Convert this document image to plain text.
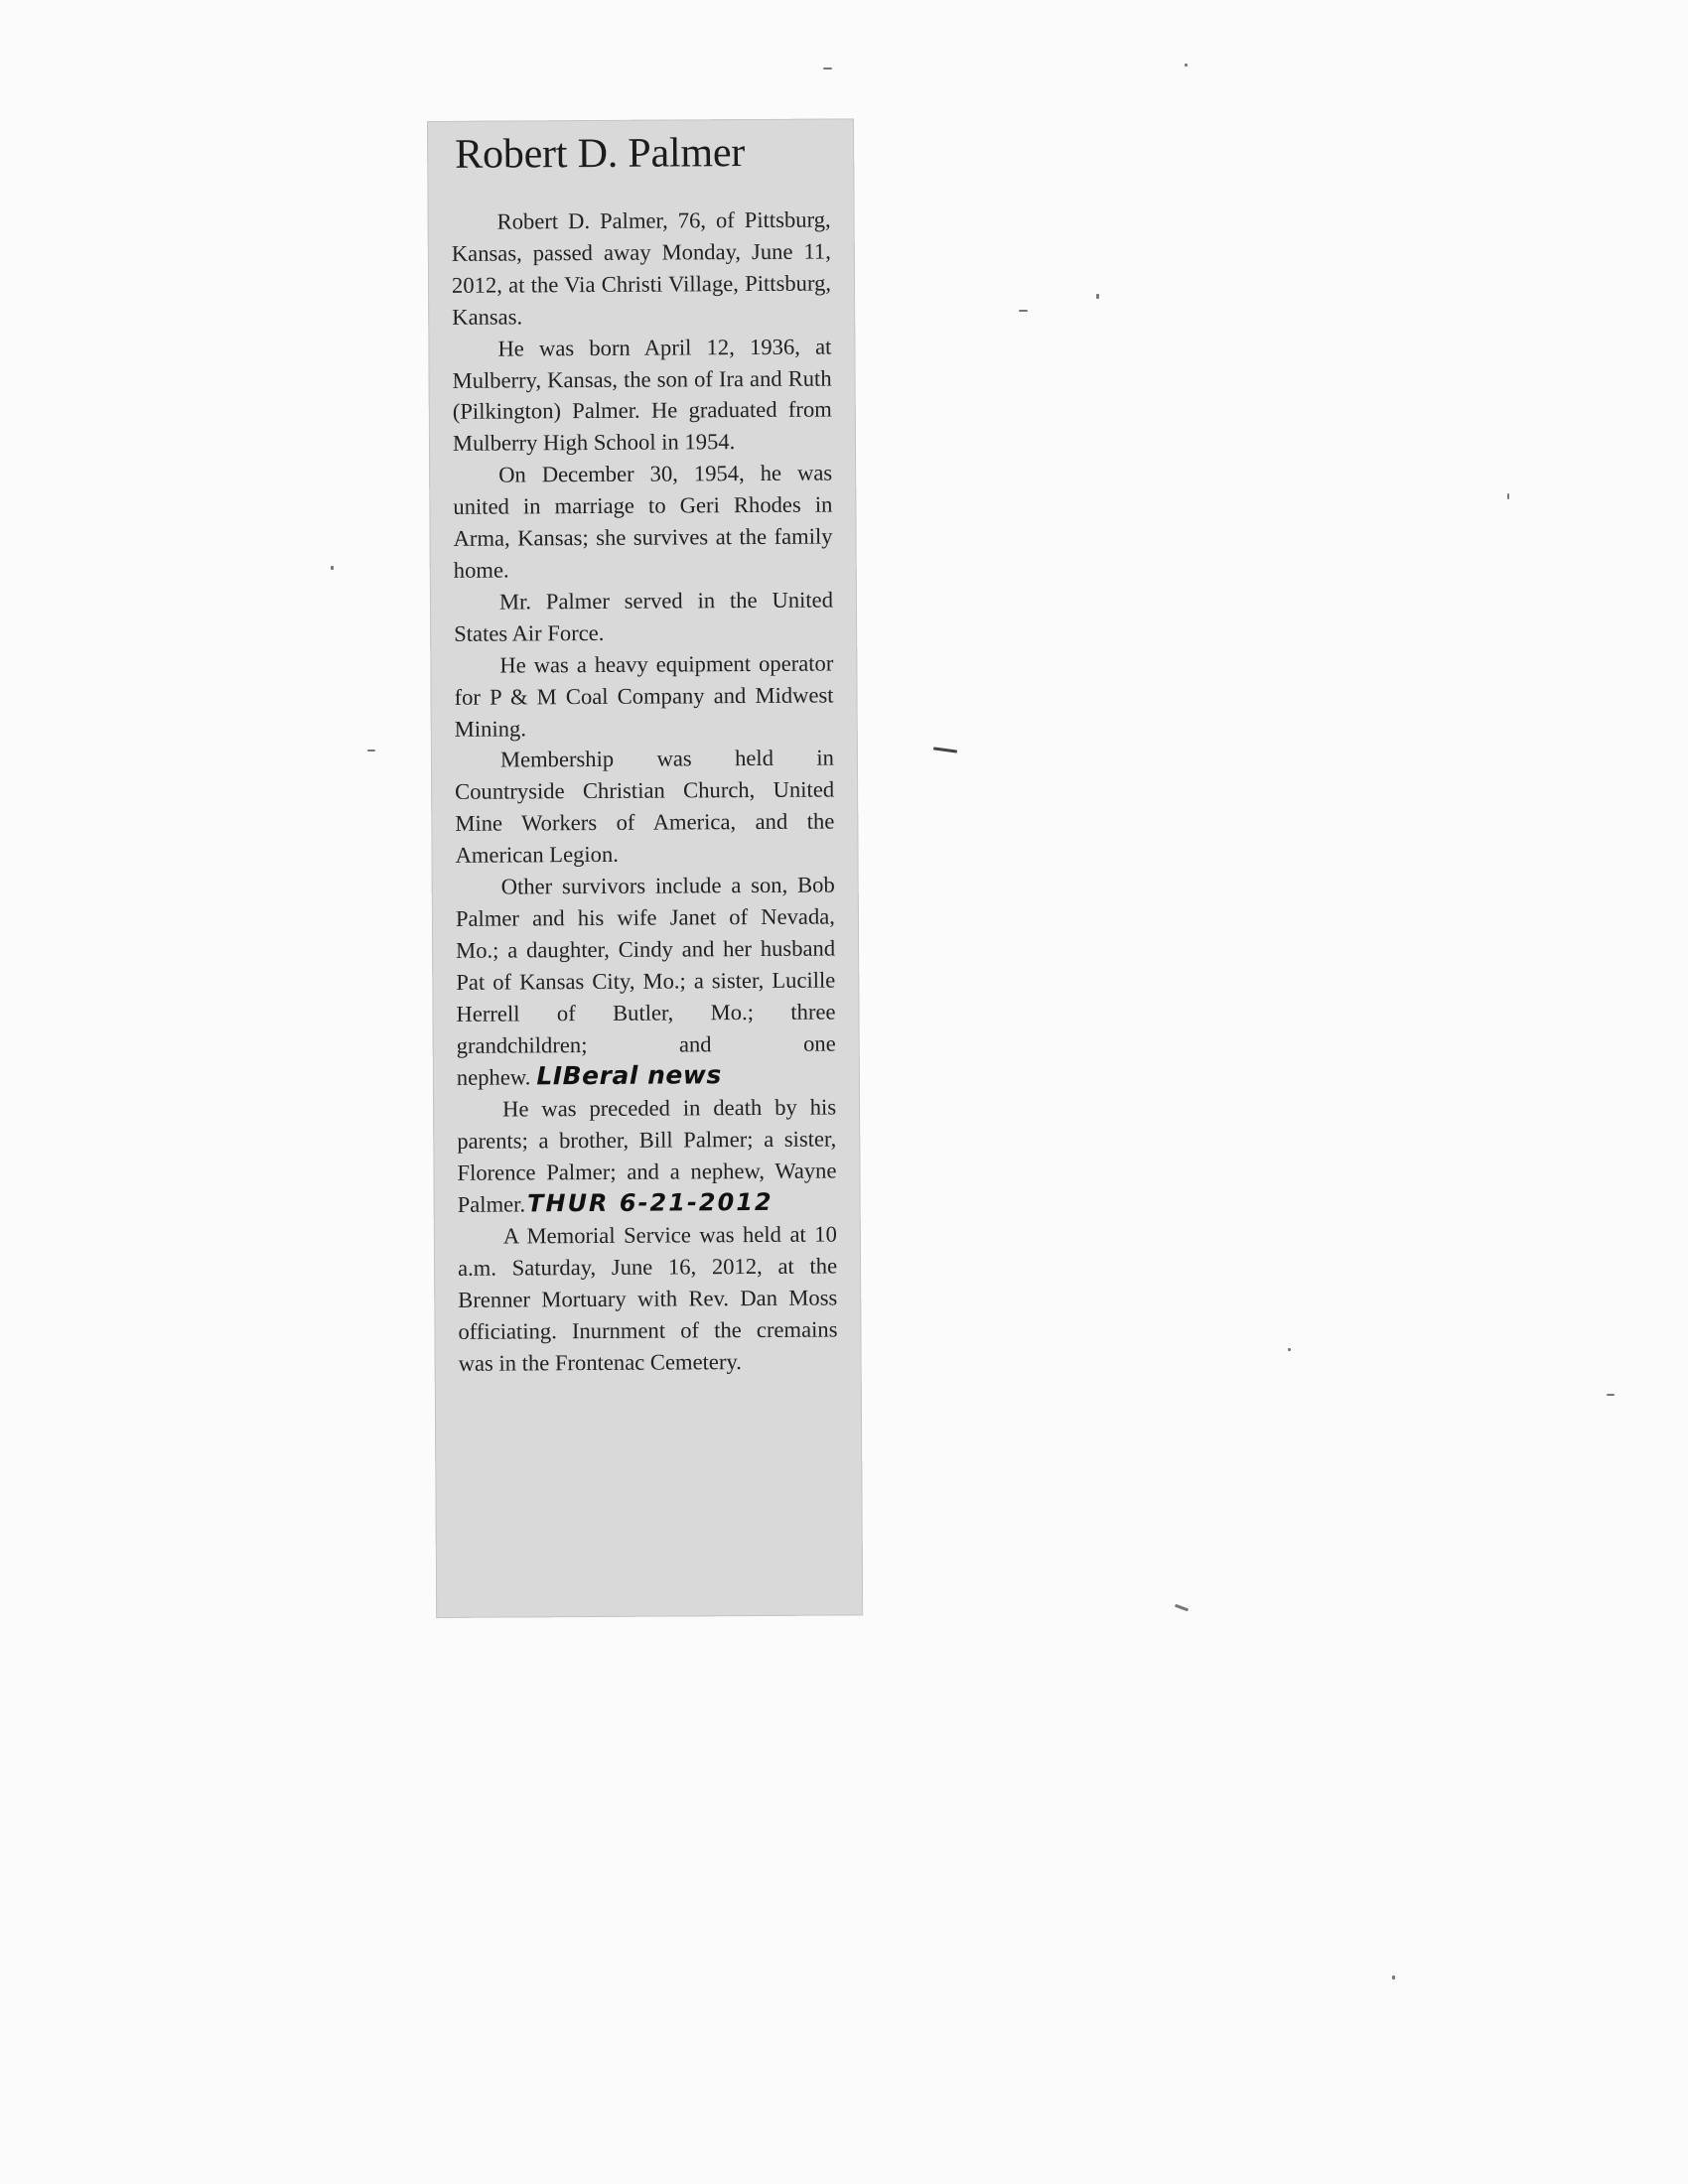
Robert D. Palmer

Robert D. Palmer, 76, of Pittsburg, Kansas, passed away Monday, June 11, 2012, at the Via Christi Village, Pittsburg, Kansas.

He was born April 12, 1936, at Mulberry, Kansas, the son of Ira and Ruth (Pilkington) Palmer. He graduated from Mulberry High School in 1954.

On December 30, 1954, he was united in marriage to Geri Rhodes in Arma, Kansas; she survives at the family home.

Mr. Palmer served in the United States Air Force.

He was a heavy equipment operator for P & M Coal Company and Midwest Mining.

Membership was held in Countryside Christian Church, United Mine Workers of America, and the American Legion.

Other survivors include a son, Bob Palmer and his wife Janet of Nevada, Mo.; a daughter, Cindy and her husband Pat of Kansas City, Mo.; a sister, Lucille Herrell of Butler, Mo.; three grandchildren; and one nephew. LIBeral news

He was preceded in death by his parents; a brother, Bill Palmer; a sister, Florence Palmer; and a nephew, Wayne Palmer.THUR 6-21-2012

A Memorial Service was held at 10 a.m. Saturday, June 16, 2012, at the Brenner Mortuary with Rev. Dan Moss officiating. Inurnment of the cremains was in the Frontenac Cemetery.
